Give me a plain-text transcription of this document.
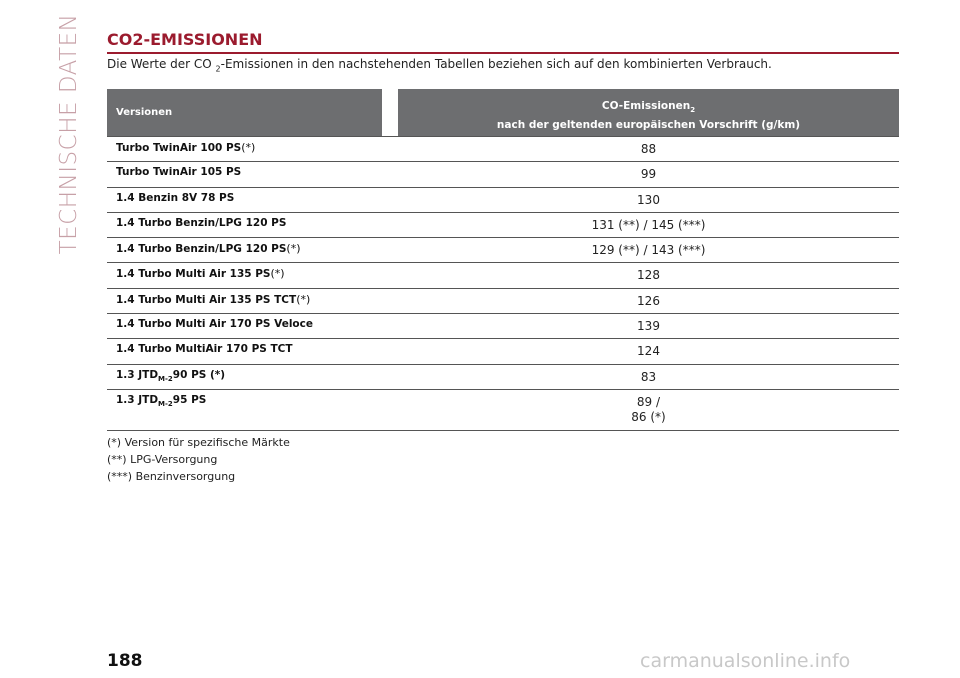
TECHNISCHE DATEN CO2-EMISSIONEN
Die Werte der CO $_2$-Emissionen in den nachstehenden Tabellen beziehen sich auf den kombinierten Verbrauch.
Versionen
CO-Emissionen$_2$
nach der geltenden europäischen Vorschrift (g/km)
Turbo TwinAir 100 PS(*)	88
Turbo TwinAir 105 PS	99
1.4 Benzin 8V 78 PS	130
1.4 Turbo Benzin/LPG 120 PS	131 (**) / 145 (***)
1.4 Turbo Benzin/LPG 120 PS(*)	129 (**) / 143 (***)
1.4 Turbo Multi Air 135 PS(*)	128
1.4 Turbo Multi Air 135 PS TCT(*)	126
1.4 Turbo Multi Air 170 PS Veloce	139
1.4 Turbo MultiAir 170 PS TCT	124
1.3 $JTD_{M-2}90$ PS (*)	83
1.3 $JTD_{M-2}95$ PS	89 /
86 (*)
(*) Version für spezifische Märkte
(**) LPG-Versorgung
(***) Benzinversorgung
188	carmanualsonline.info
